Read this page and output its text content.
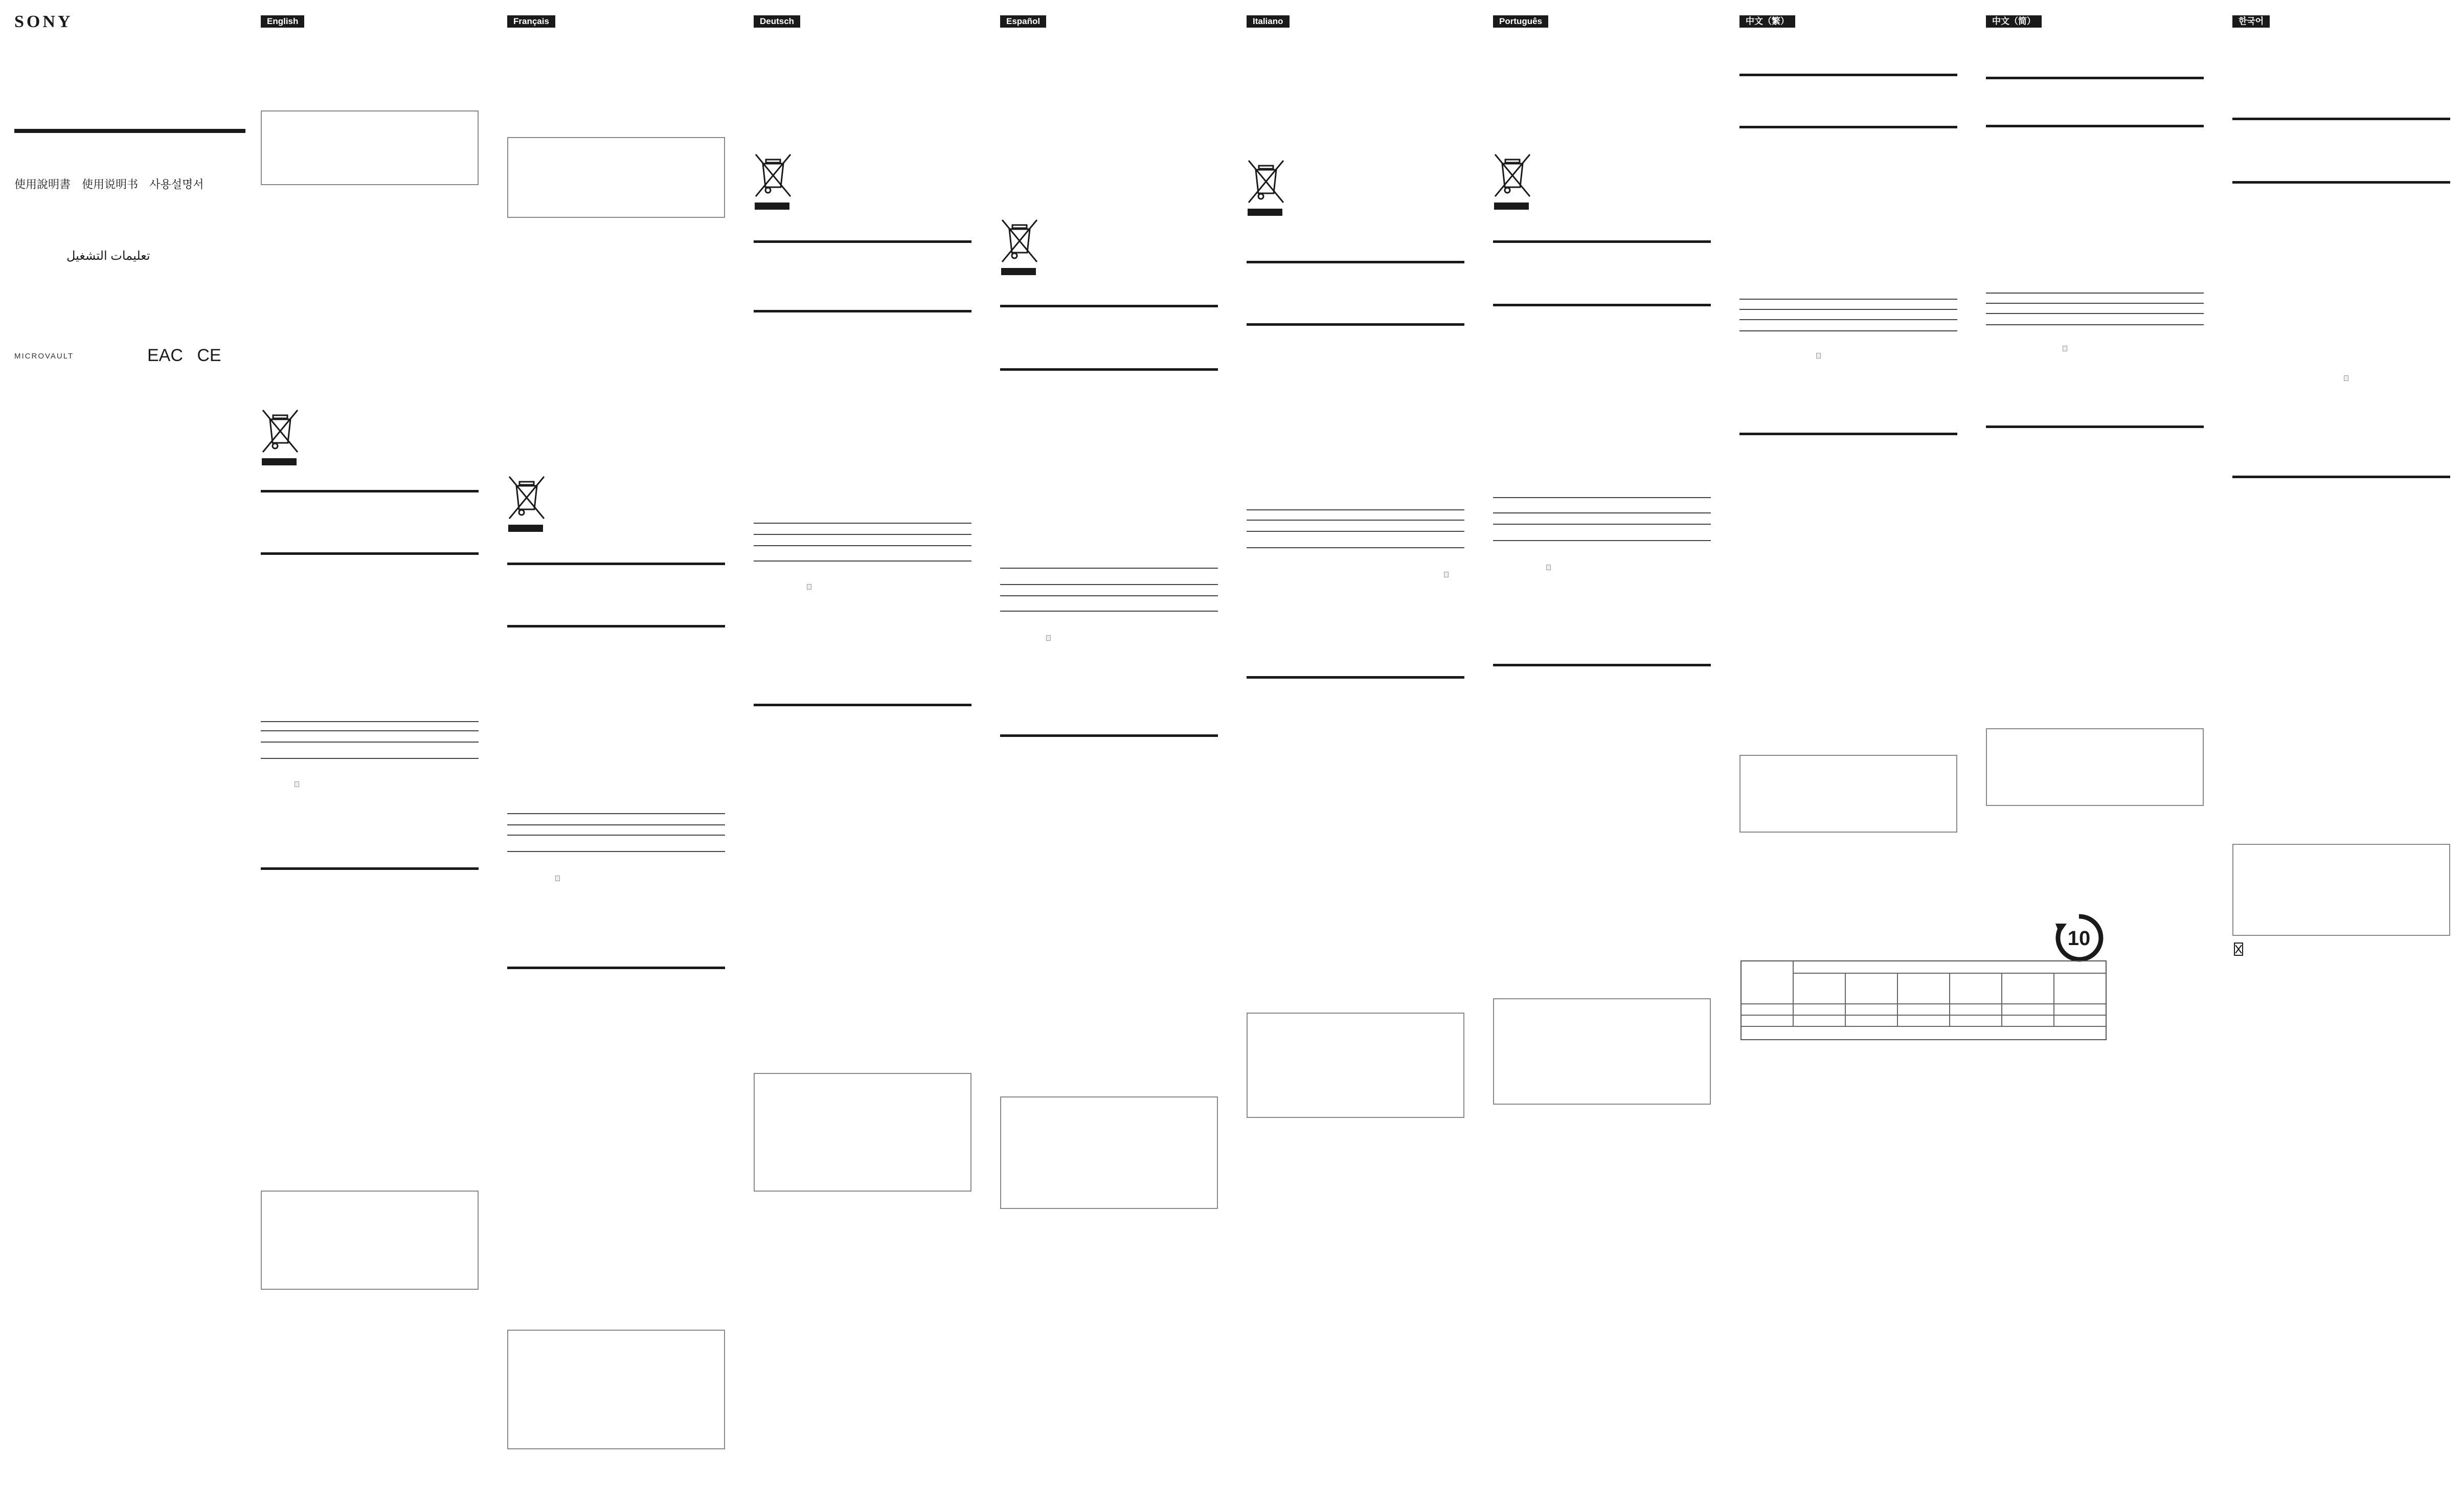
SONY
使用說明書 使用说明书 사용설명서
تعليمات التشغيل
MICROVAULT	EAC CE
English	Français	Deutsch	Español	Italiano	Português	中文（繁）	中文（简）	한국어
10
